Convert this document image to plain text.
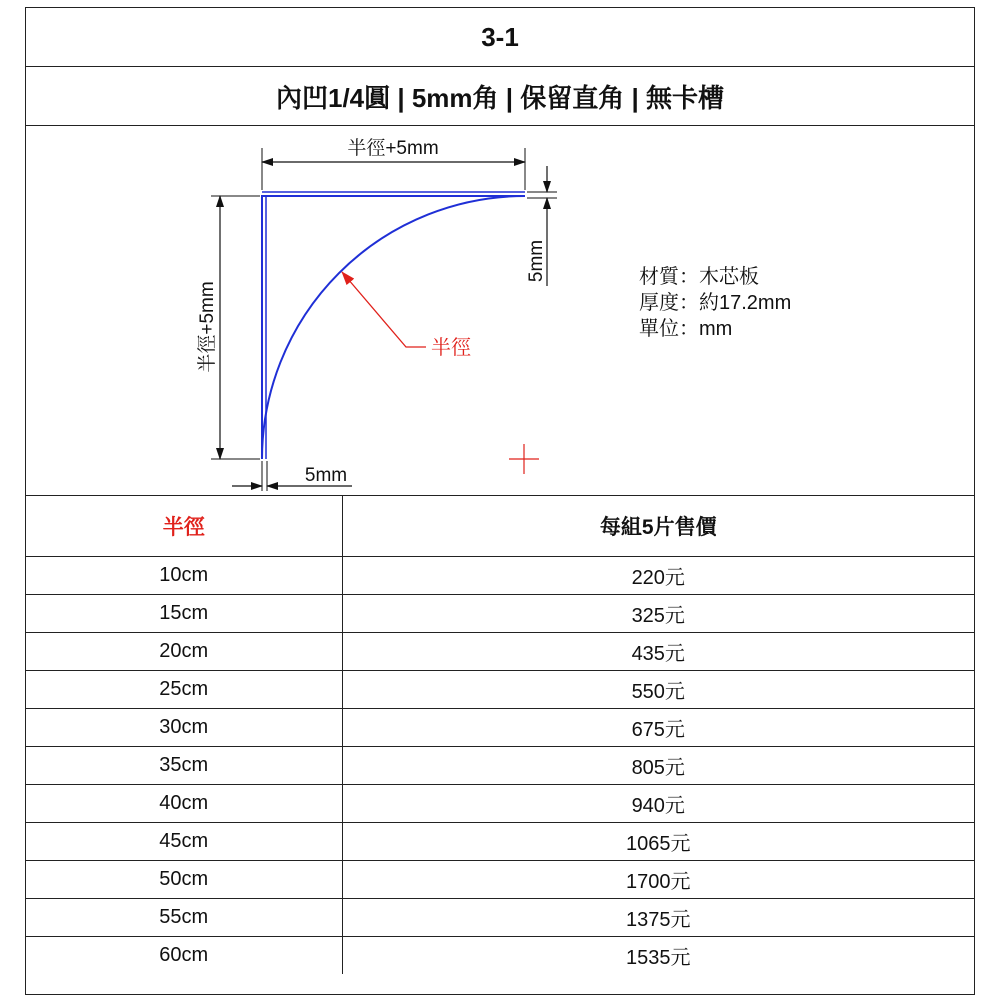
3-1
內凹1/4圓 | 5mm角 | 保留直角 | 無卡槽
半徑+5mm
半徑+5mm
5mm
5mm
半徑
材質：木芯板
厚度：約17.2mm
單位：mm
半徑	每組5片售價
10cm	220元
15cm	325元
20cm	435元
25cm	550元
30cm	675元
35cm	805元
40cm	940元
45cm	1065元
50cm	1700元
55cm	1375元
60cm	1535元
